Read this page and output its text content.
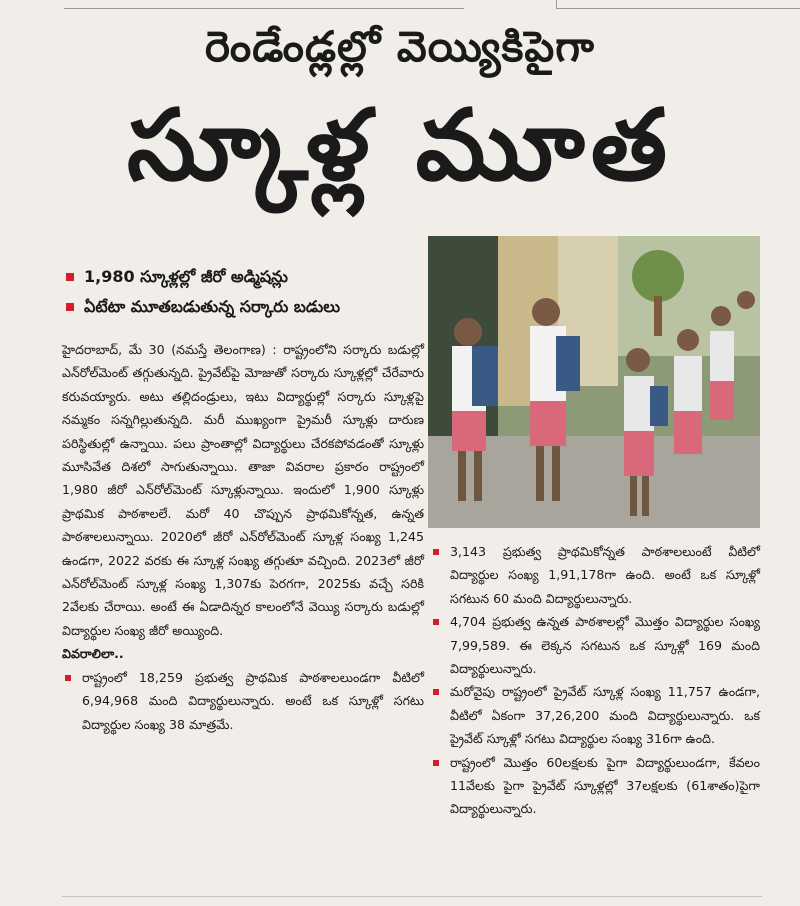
రెండేండ్లల్లో వెయ్యికిపైగా
స్కూళ్ల మూత
1,980 స్కూళ్లల్లో జీరో అడ్మిషన్లు
ఏటేటా మూతబడుతున్న సర్కారు బడులు

హైదరాబాద్, మే 30 (నమస్తే తెలంగాణ) : రాష్ట్రంలోని సర్కారు బడుల్లో ఎన్‌రోల్‌మెంట్ తగ్గుతున్నది. ప్రైవేట్‌పై మోజుతో సర్కారు స్కూళ్లల్లో చేరేవారు కరువయ్యారు. అటు తల్లిదండ్రులు, ఇటు విద్యార్థుల్లో సర్కారు స్కూళ్లపై నమ్మకం సన్నగిల్లుతున్నది. మరీ ముఖ్యంగా ప్రైమరీ స్కూళ్లు దారుణ పరిస్థితుల్లో ఉన్నాయి. పలు ప్రాంతాల్లో విద్యార్థులు చేరకపోవడంతో స్కూళ్లు మూసివేత దిశలో సాగుతున్నాయి. తాజా వివరాల ప్రకారం రాష్ట్రంలో 1,980 జీరో ఎన్‌రోల్‌మెంట్ స్కూళ్లున్నాయి. ఇందులో 1,900 స్కూళ్లు ప్రాథమిక పాఠశాలలే. మరో 40 చొప్పున ప్రాథమికోన్నత, ఉన్నత పాఠశాలలున్నాయి. 2020లో జీరో ఎన్‌రోల్‌మెంట్ స్కూళ్ల సంఖ్య 1,245 ఉండగా, 2022 వరకు ఈ స్కూళ్ల సంఖ్య తగ్గుతూ వచ్చింది. 2023లో జీరో ఎన్‌రోల్‌మెంట్ స్కూళ్ల సంఖ్య 1,307కు పెరగగా, 2025కు వచ్చే సరికి 2వేలకు చేరాయి. అంటే ఈ ఏడాదిన్నర కాలంలోనే వెయ్యి సర్కారు బడుల్లో విద్యార్థుల సంఖ్య జీరో అయ్యింది.

వివరాలిలా..

రాష్ట్రంలో 18,259 ప్రభుత్వ ప్రాథమిక పాఠశాలలుండగా వీటిలో 6,94,968 మంది విద్యార్థులున్నారు. అంటే ఒక స్కూళ్లో సగటు విద్యార్థుల సంఖ్య 38 మాత్రమే.

3,143 ప్రభుత్వ ప్రాథమికోన్నత పాఠశాలలుంటే వీటిలో విద్యార్థుల సంఖ్య 1,91,178గా ఉంది. అంటే ఒక స్కూళ్లో సగటున 60 మంది విద్యార్థులున్నారు.

4,704 ప్రభుత్వ ఉన్నత పాఠశాలల్లో మొత్తం విద్యార్థుల సంఖ్య 7,99,589. ఈ లెక్కన సగటున ఒక స్కూళ్లో 169 మంది విద్యార్థులున్నారు.

మరోవైపు రాష్ట్రంలో ప్రైవేట్ స్కూళ్ల సంఖ్య 11,757 ఉండగా, వీటిలో ఏకంగా 37,26,200 మంది విద్యార్థులున్నారు. ఒక ప్రైవేట్ స్కూళ్లో సగటు విద్యార్థుల సంఖ్య 316గా ఉంది.

రాష్ట్రంలో మొత్తం 60లక్షలకు పైగా విద్యార్థులుండగా, కేవలం 11వేలకు పైగా ప్రైవేట్ స్కూళ్లల్లో 37లక్షలకు (61శాతం)పైగా విద్యార్థులున్నారు.
